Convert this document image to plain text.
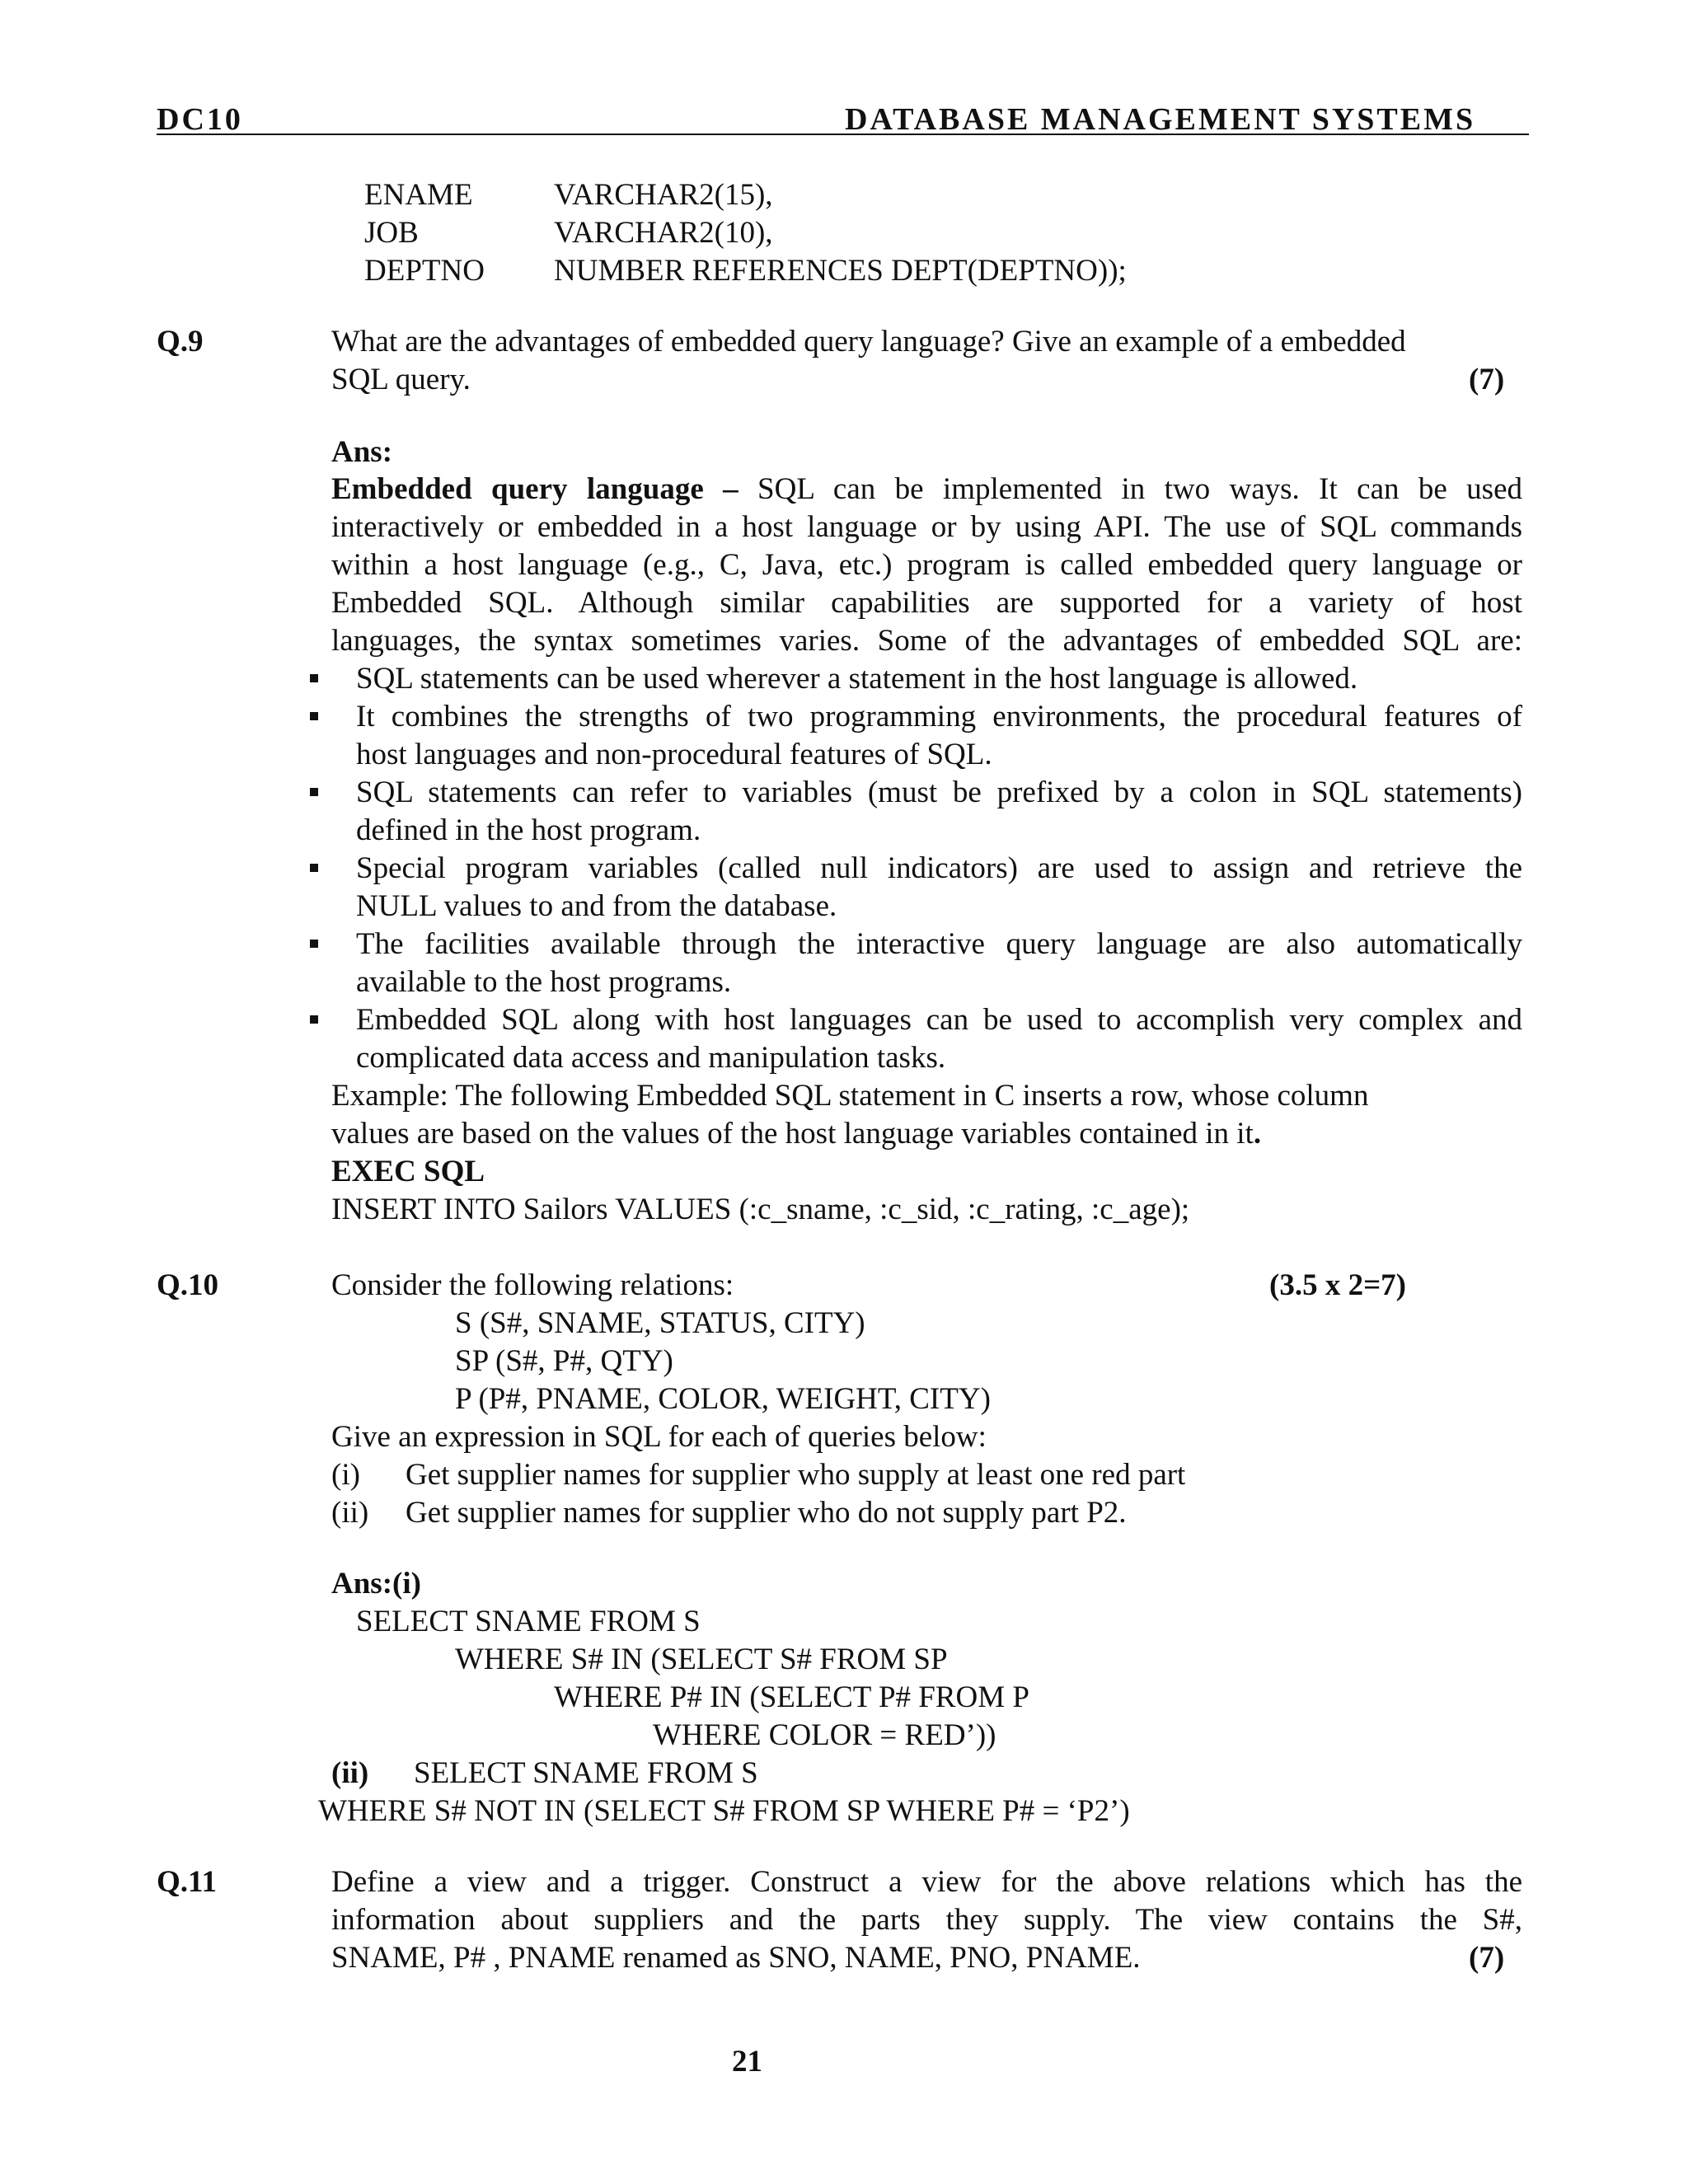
DC10	DATABASE MANAGEMENT SYSTEMS
ENAME	VARCHAR2(15),
JOB	VARCHAR2(10),
DEPTNO NUMBER REFERENCES DEPT(DEPTNO));
Q.9	What are the advantages of embedded query language? Give an example of a embedded
SQL query.	(7)
Ans:
Embedded query language – SQL can be implemented in two ways. It can be used
interactively or embedded in a host language or by using API. The use of SQL commands
within a host language (e.g., C, Java, etc.) program is called embedded query language or
Embedded SQL. Although similar capabilities are supported for a variety of host
languages, the syntax sometimes varies. Some of the advantages of embedded SQL are:
SQL statements can be used wherever a statement in the host language is allowed.
It combines the strengths of two programming environments, the procedural features of
host languages and non-procedural features of SQL.
SQL statements can refer to variables (must be prefixed by a colon in SQL statements)
defined in the host program.
Special program variables (called null indicators) are used to assign and retrieve the
NULL values to and from the database.
The facilities available through the interactive query language are also automatically
available to the host programs.
Embedded SQL along with host languages can be used to accomplish very complex and
complicated data access and manipulation tasks.
Example: The following Embedded SQL statement in C inserts a row, whose column
values are based on the values of the host language variables contained in it.
EXEC SQL
INSERT INTO Sailors VALUES (:c_sname, :c_sid, :c_rating, :c_age);
Q.10	Consider the following relations:	(3.5 x 2=7)
S (S#, SNAME, STATUS, CITY)
SP (S#, P#, QTY)
P (P#, PNAME, COLOR, WEIGHT, CITY)
Give an expression in SQL for each of queries below:
(i) Get supplier names for supplier who supply at least one red part
(ii) Get supplier names for supplier who do not supply part P2.
Ans:(i)
SELECT SNAME FROM S
WHERE S# IN (SELECT S# FROM SP
WHERE P# IN (SELECT P# FROM P
WHERE COLOR = RED’))
(ii) SELECT SNAME FROM S
WHERE S# NOT IN (SELECT S# FROM SP WHERE P# = ‘P2’)
Q.11	Define a view and a trigger. Construct a view for the above relations which has the
information about suppliers and the parts they supply. The view contains the S#,
SNAME, P# , PNAME renamed as SNO, NAME, PNO, PNAME.	(7)
21
